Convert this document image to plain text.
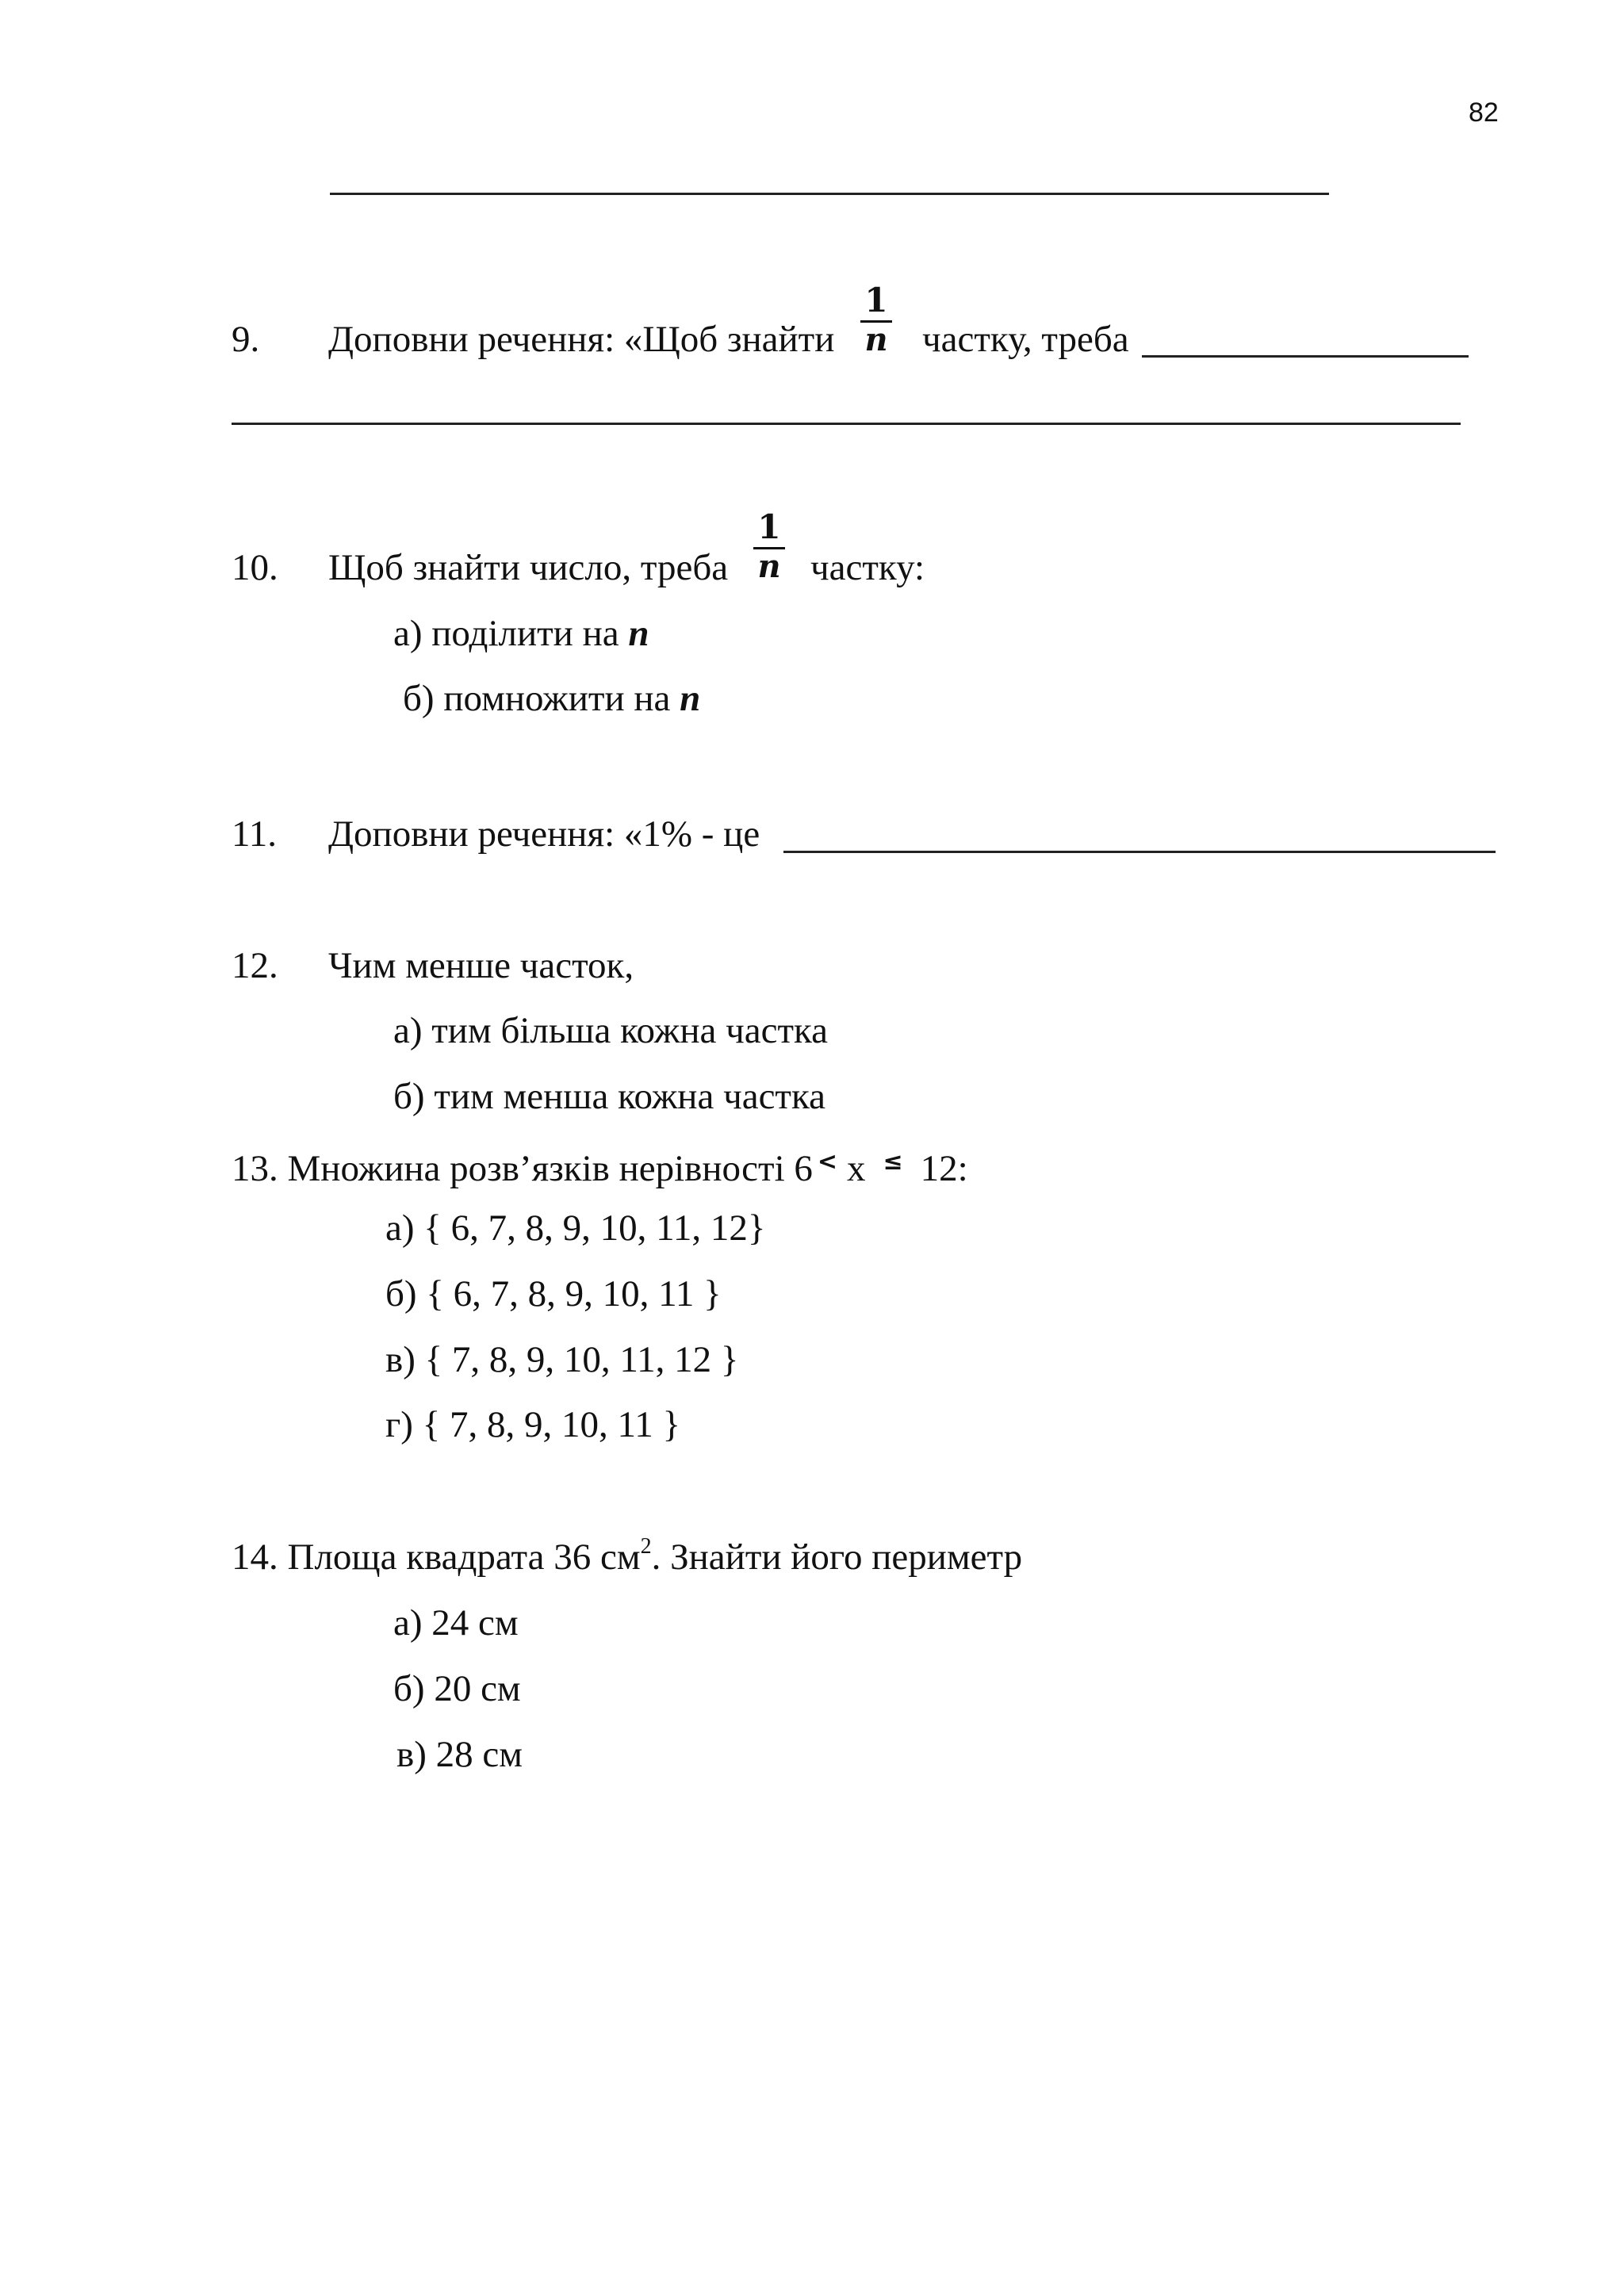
82
9. Доповни речення: «Щоб знайти
1
n частку, треба
10. Щоб знайти число, треба
1
n частку:
а) поділити на n
б) помножити на n
11. Доповни речення: «1% - це
12. Чим менше часток,
а) тим більша кожна частка
б) тим менша кожна частка
13. Множина розв’язків нерівності 6 < х ≤ 12:
а) { 6, 7, 8, 9, 10, 11, 12}
б) { 6, 7, 8, 9, 10, 11 }
в) { 7, 8, 9, 10, 11, 12 }
г) { 7, 8, 9, 10, 11 }
14. Площа квадрата 36 $см^2$. Знайти його периметр
а) 24 см
б) 20 см
в) 28 см
